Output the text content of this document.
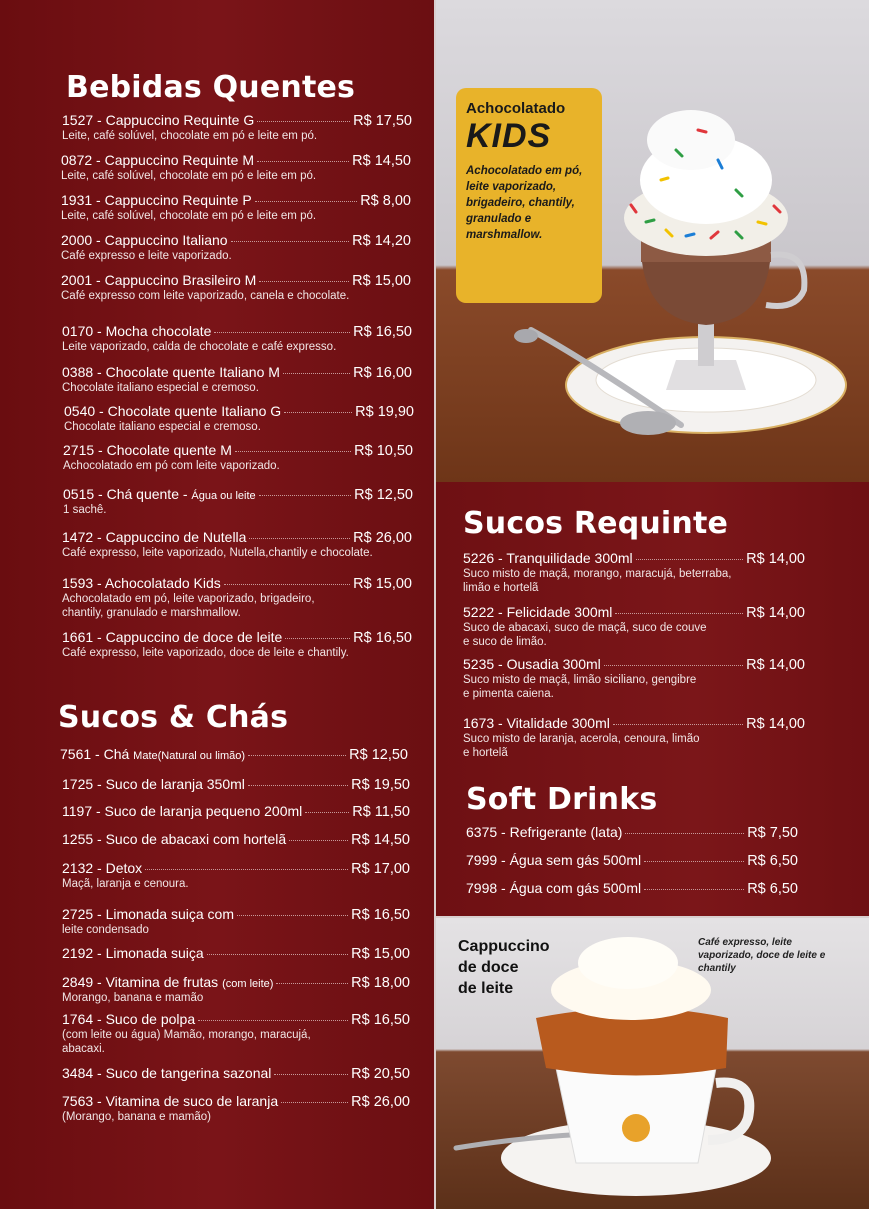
Bebidas Quentes
1527 - Cappuccino Requinte G	R$ 17,50
Leite, café solúvel, chocolate em pó e leite em pó.
0872 - Cappuccino Requinte M	R$ 14,50
Leite, café solúvel, chocolate em pó e leite em pó.
1931 - Cappuccino Requinte P	R$ 8,00
Leite, café solúvel, chocolate em pó e leite em pó.
2000 - Cappuccino Italiano	R$ 14,20
Café expresso e leite vaporizado.
2001 - Cappuccino Brasileiro M	R$ 15,00
Café expresso com leite vaporizado, canela e chocolate.
0170 - Mocha chocolate	R$ 16,50
Leite vaporizado, calda de chocolate e café expresso.
0388 - Chocolate quente Italiano M	R$ 16,00
Chocolate italiano especial e cremoso.
0540 - Chocolate quente Italiano G	R$ 19,90
Chocolate italiano especial e cremoso.
2715 - Chocolate quente M	R$ 10,50
Achocolatado em pó com leite vaporizado.
0515 - Chá quente - Água ou leite	R$ 12,50
1 sachê.
1472 - Cappuccino de Nutella	R$ 26,00
Café expresso, leite vaporizado, Nutella,chantily e chocolate.
1593 - Achocolatado Kids	R$ 15,00
Achocolatado em pó, leite vaporizado, brigadeiro,
chantily, granulado e marshmallow.
1661 - Cappuccino de doce de leite	R$ 16,50
Café expresso, leite vaporizado, doce de leite e chantily.
Sucos & Chás
7561 - Chá Mate(Natural ou limão)	R$ 12,50
1725 - Suco de laranja 350ml	R$ 19,50
1197 - Suco de laranja pequeno 200ml	R$ 11,50
1255 - Suco de abacaxi com hortelã	R$ 14,50
2132 - Detox	R$ 17,00
Maçã, laranja e cenoura.
2725 - Limonada suiça com	R$ 16,50
leite condensado
2192 - Limonada suiça	R$ 15,00
2849 - Vitamina de frutas (com leite)	R$ 18,00
Morango, banana e mamão
1764 - Suco de polpa	R$ 16,50
(com leite ou água) Mamão, morango, maracujá,
abacaxi.
3484 - Suco de tangerina sazonal	R$ 20,50
7563 - Vitamina de suco de laranja	R$ 26,00
(Morango, banana e mamão)
Achocolatado
KIDS
Achocolatado em pó, leite vaporizado, brigadeiro, chantily, granulado e marshmallow.
Sucos Requinte
5226 - Tranquilidade 300ml	R$ 14,00
Suco misto de maçã, morango, maracujá, beterraba,
limão e hortelã
5222 - Felicidade 300ml	R$ 14,00
Suco de abacaxi, suco de maçã, suco de couve
e suco de limão.
5235 - Ousadia 300ml	R$ 14,00
Suco misto de maçã, limão siciliano, gengibre
e pimenta caiena.
1673 - Vitalidade 300ml	R$ 14,00
Suco misto de laranja, acerola, cenoura, limão
e hortelã
Soft Drinks
6375 - Refrigerante (lata)	R$ 7,50
7999 - Água sem gás 500ml	R$ 6,50
7998 - Água com gás 500ml	R$ 6,50
Cappuccino
de doce
de leite
Café expresso, leite vaporizado, doce de leite e chantily
